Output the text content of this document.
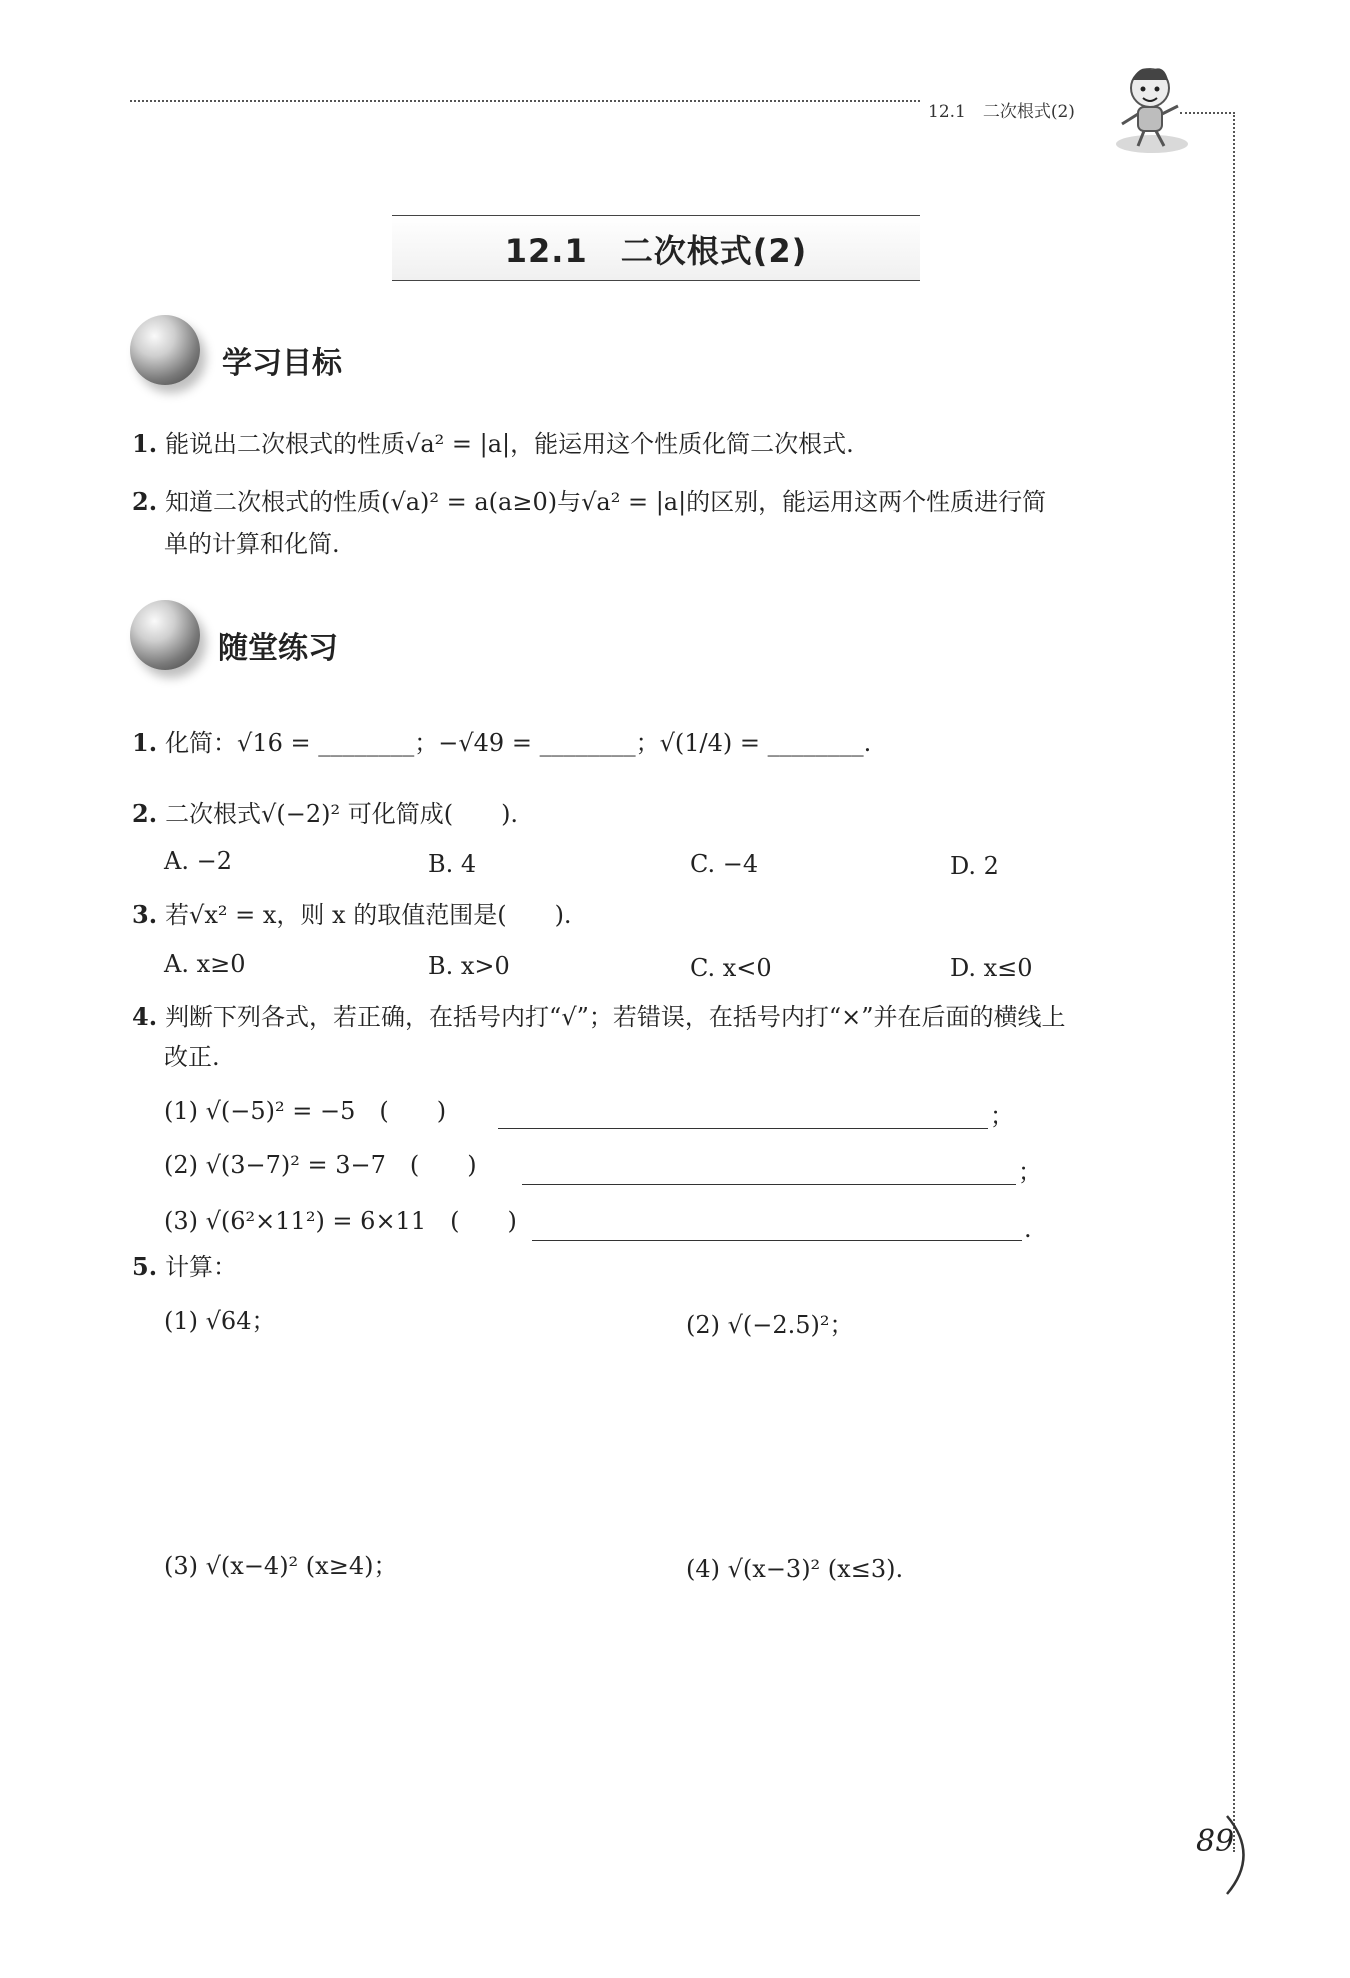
12.1　二次根式(2)
12.1　二次根式(2)
学习目标
1. 能说出二次根式的性质√a² = |a|，能运用这个性质化简二次根式.
2. 知道二次根式的性质(√a)² = a(a≥0)与√a² = |a|的区别，能运用这两个性质进行简
单的计算和化简.
随堂练习
1. 化简：√16 = ________；−√49 = ________；√(1/4) = ________.
2. 二次根式√(−2)² 可化简成(　　).
A. −2	B. 4	C. −4	D. 2
3. 若√x² = x，则 x 的取值范围是(　　).
A. x≥0	B. x>0	C. x<0	D. x≤0
4. 判断下列各式，若正确，在括号内打“√”；若错误，在括号内打“×”并在后面的横线上
改正.
(1) √(−5)² = −5　(　　)	；
(2) √(3−7)² = 3−7　(　　)	；
(3) √(6²×11²) = 6×11　(　　)	.
5. 计算：
(1) √64；	(2) √(−2.5)²；
(3) √(x−4)² (x≥4)；	(4) √(x−3)² (x≤3).
89
